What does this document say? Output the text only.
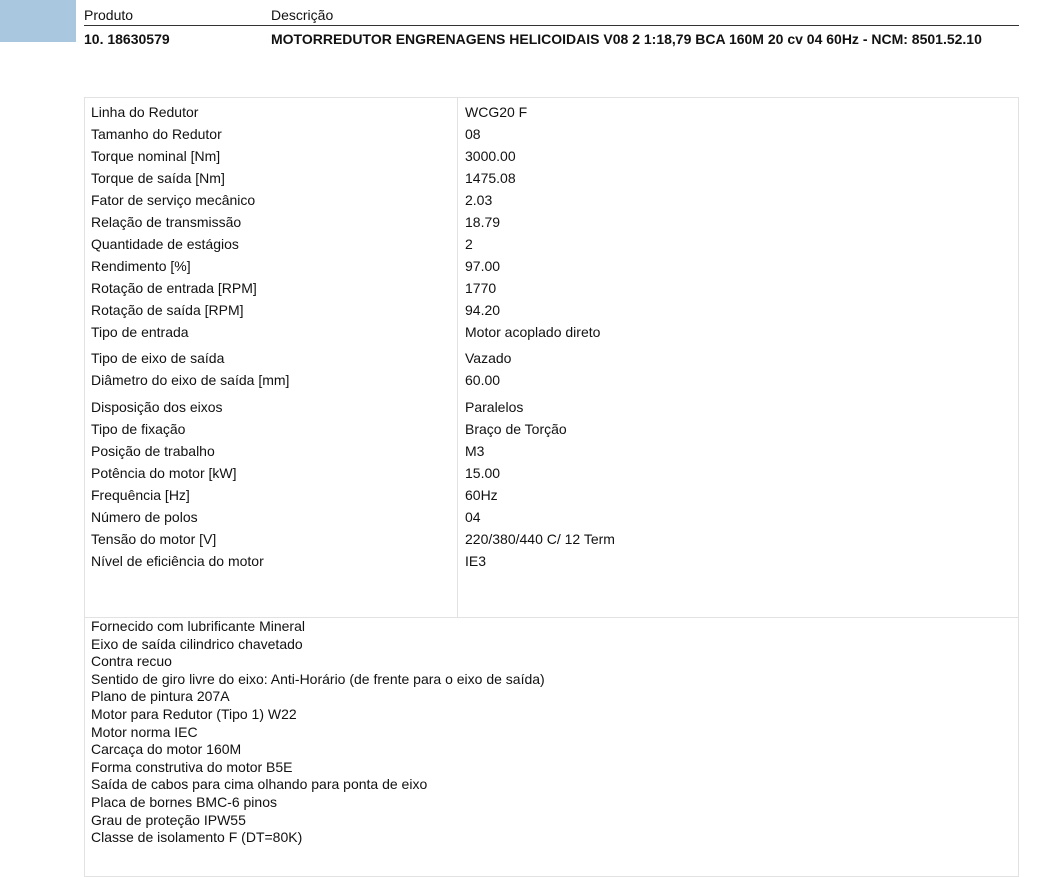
Produto	Descrição
10. 18630579	MOTORREDUTOR ENGRENAGENS HELICOIDAIS V08 2 1:18,79 BCA 160M 20 cv 04 60Hz - NCM: 8501.52.10
Linha do Redutor	WCG20 F
Tamanho do Redutor	08
Torque nominal [Nm]	3000.00
Torque de saída [Nm]	1475.08
Fator de serviço mecânico	2.03
Relação de transmissão	18.79
Quantidade de estágios	2
Rendimento [%]	97.00
Rotação de entrada [RPM]	1770
Rotação de saída [RPM]	94.20
Tipo de entrada	Motor acoplado direto
Tipo de eixo de saída	Vazado
Diâmetro do eixo de saída [mm]	60.00
Disposição dos eixos	Paralelos
Tipo de fixação	Braço de Torção
Posição de trabalho	M3
Potência do motor [kW]	15.00
Frequência [Hz]	60Hz
Número de polos	04
Tensão do motor [V]	220/380/440 C/ 12 Term
Nível de eficiência do motor	IE3
Fornecido com lubrificante Mineral
Eixo de saída cilindrico chavetado
Contra recuo
Sentido de giro livre do eixo: Anti-Horário (de frente para o eixo de saída)
Plano de pintura 207A
Motor para Redutor (Tipo 1) W22
Motor norma IEC
Carcaça do motor 160M
Forma construtiva do motor B5E
Saída de cabos para cima olhando para ponta de eixo
Placa de bornes BMC-6 pinos
Grau de proteção IPW55
Classe de isolamento F (DT=80K)
